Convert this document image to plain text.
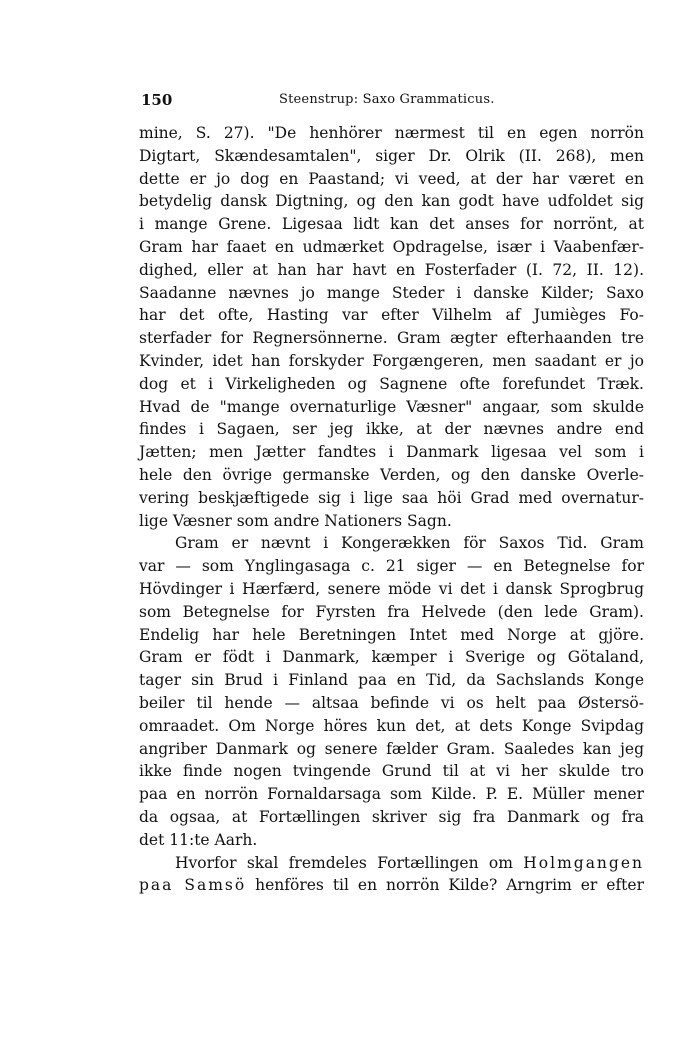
150	Steenstrup: Saxo Grammaticus.
mine, S. 27). "De henhörer nærmest til en egen norrön
Digtart, Skændesamtalen", siger Dr. Olrik (II. 268), men
dette er jo dog en Paastand; vi veed, at der har været en
betydelig dansk Digtning, og den kan godt have udfoldet sig
i mange Grene. Ligesaa lidt kan det anses for norrönt, at
Gram har faaet en udmærket Opdragelse, især i Vaabenfær-
dighed, eller at han har havt en Fosterfader (I. 72, II. 12).
Saadanne nævnes jo mange Steder i danske Kilder; Saxo
har det ofte, Hasting var efter Vilhelm af Jumièges Fo-
sterfader for Regnersönnerne. Gram ægter efterhaanden tre
Kvinder, idet han forskyder Forgængeren, men saadant er jo
dog et i Virkeligheden og Sagnene ofte forefundet Træk.
Hvad de "mange overnaturlige Væsner" angaar, som skulde
findes i Sagaen, ser jeg ikke, at der nævnes andre end
Jætten; men Jætter fandtes i Danmark ligesaa vel som i
hele den övrige germanske Verden, og den danske Overle-
vering beskjæftigede sig i lige saa höi Grad med overnatur-
lige Væsner som andre Nationers Sagn.
Gram er nævnt i Kongerækken för Saxos Tid. Gram
var — som Ynglingasaga c. 21 siger — en Betegnelse for
Hövdinger i Hærfærd, senere möde vi det i dansk Sprogbrug
som Betegnelse for Fyrsten fra Helvede (den lede Gram).
Endelig har hele Beretningen Intet med Norge at gjöre.
Gram er födt i Danmark, kæmper i Sverige og Götaland,
tager sin Brud i Finland paa en Tid, da Sachslands Konge
beiler til hende — altsaa befinde vi os helt paa Østersö-
omraadet. Om Norge höres kun det, at dets Konge Svipdag
angriber Danmark og senere fælder Gram. Saaledes kan jeg
ikke finde nogen tvingende Grund til at vi her skulde tro
paa en norrön Fornaldarsaga som Kilde. P. E. Müller mener
da ogsaa, at Fortællingen skriver sig fra Danmark og fra
det 11:te Aarh.
Hvorfor skal fremdeles Fortællingen om Holmgangen
paa Samsö henföres til en norrön Kilde? Arngrim er efter
